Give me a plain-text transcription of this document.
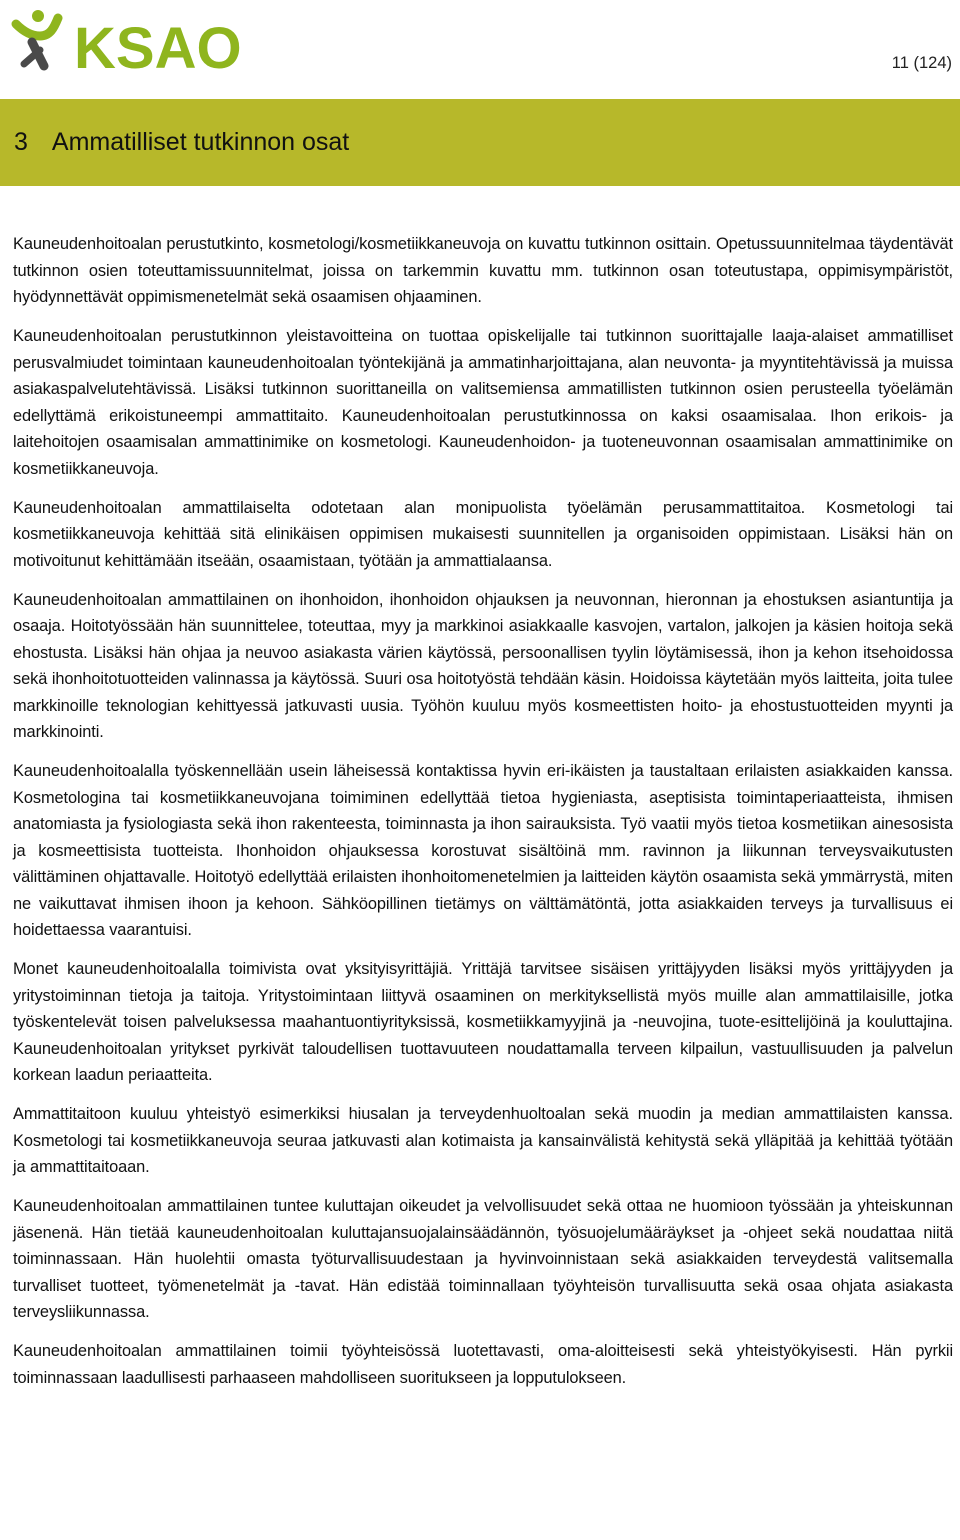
KSAO	11 (124)
3 Ammatilliset tutkinnon osat

Kauneudenhoitoalan perustutkinto, kosmetologi/kosmetiikkaneuvoja on kuvattu tutkinnon osittain. Opetussuunnitelmaa täydentävät tutkinnon osien toteuttamissuunnitelmat, joissa on tarkemmin kuvattu mm. tutkinnon osan toteutustapa, oppimisympäristöt, hyödynnettävät oppimismenetelmät sekä osaamisen ohjaaminen.

Kauneudenhoitoalan perustutkinnon yleistavoitteina on tuottaa opiskelijalle tai tutkinnon suorittajalle laaja-alaiset ammatilliset perusvalmiudet toimintaan kauneudenhoitoalan työntekijänä ja ammatinharjoittajana, alan neuvonta- ja myyntitehtävissä ja muissa asiakaspalvelutehtävissä. Lisäksi tutkinnon suorittaneilla on valitsemiensa ammatillisten tutkinnon osien perusteella työelämän edellyttämä erikoistuneempi ammattitaito. Kauneudenhoitoalan perustutkinnossa on kaksi osaamisalaa. Ihon erikois- ja laitehoitojen osaamisalan ammattinimike on kosmetologi. Kauneudenhoidon- ja tuoteneuvonnan osaamisalan ammattinimike on kosmetiikkaneuvoja.

Kauneudenhoitoalan ammattilaiselta odotetaan alan monipuolista työelämän perusammattitaitoa. Kosmetologi tai kosmetiikkaneuvoja kehittää sitä elinikäisen oppimisen mukaisesti suunnitellen ja organisoiden oppimistaan. Lisäksi hän on motivoitunut kehittämään itseään, osaamistaan, työtään ja ammattialaansa.

Kauneudenhoitoalan ammattilainen on ihonhoidon, ihonhoidon ohjauksen ja neuvonnan, hieronnan ja ehostuksen asiantuntija ja osaaja. Hoitotyössään hän suunnittelee, toteuttaa, myy ja markkinoi asiakkaalle kasvojen, vartalon, jalkojen ja käsien hoitoja sekä ehostusta. Lisäksi hän ohjaa ja neuvoo asiakasta värien käytössä, persoonallisen tyylin löytämisessä, ihon ja kehon itsehoidossa sekä ihonhoitotuotteiden valinnassa ja käytössä. Suuri osa hoitotyöstä tehdään käsin. Hoidoissa käytetään myös laitteita, joita tulee markkinoille teknologian kehittyessä jatkuvasti uusia. Työhön kuuluu myös kosmeettisten hoito- ja ehostustuotteiden myynti ja markkinointi.

Kauneudenhoitoalalla työskennellään usein läheisessä kontaktissa hyvin eri-ikäisten ja taustaltaan erilaisten asiakkaiden kanssa. Kosmetologina tai kosmetiikkaneuvojana toimiminen edellyttää tietoa hygieniasta, aseptisista toimintaperiaatteista, ihmisen anatomiasta ja fysiologiasta sekä ihon rakenteesta, toiminnasta ja ihon sairauksista. Työ vaatii myös tietoa kosmetiikan ainesosista ja kosmeettisista tuotteista. Ihonhoidon ohjauksessa korostuvat sisältöinä mm. ravinnon ja liikunnan terveysvaikutusten välittäminen ohjattavalle. Hoitotyö edellyttää erilaisten ihonhoitomenetelmien ja laitteiden käytön osaamista sekä ymmärrystä, miten ne vaikuttavat ihmisen ihoon ja kehoon. Sähköopillinen tietämys on välttämätöntä, jotta asiakkaiden terveys ja turvallisuus ei hoidettaessa vaarantuisi.

Monet kauneudenhoitoalalla toimivista ovat yksityisyrittäjiä. Yrittäjä tarvitsee sisäisen yrittäjyyden lisäksi myös yrittäjyyden ja yritystoiminnan tietoja ja taitoja. Yritystoimintaan liittyvä osaaminen on merkityksellistä myös muille alan ammattilaisille, jotka työskentelevät toisen palveluksessa maahantuontiyrityksissä, kosmetiikkamyyjinä ja -neuvojina, tuote-esittelijöinä ja kouluttajina. Kauneudenhoitoalan yritykset pyrkivät taloudellisen tuottavuuteen noudattamalla terveen kilpailun, vastuullisuuden ja palvelun korkean laadun periaatteita.

Ammattitaitoon kuuluu yhteistyö esimerkiksi hiusalan ja terveydenhuoltoalan sekä muodin ja median ammattilaisten kanssa. Kosmetologi tai kosmetiikkaneuvoja seuraa jatkuvasti alan kotimaista ja kansainvälistä kehitystä sekä ylläpitää ja kehittää työtään ja ammattitaitoaan.

Kauneudenhoitoalan ammattilainen tuntee kuluttajan oikeudet ja velvollisuudet sekä ottaa ne huomioon työssään ja yhteiskunnan jäsenenä. Hän tietää kauneudenhoitoalan kuluttajansuojalainsäädännön, työsuojelumääräykset ja -ohjeet sekä noudattaa niitä toiminnassaan. Hän huolehtii omasta työturvallisuudestaan ja hyvinvoinnistaan sekä asiakkaiden terveydestä valitsemalla turvalliset tuotteet, työmenetelmät ja -tavat. Hän edistää toiminnallaan työyhteisön turvallisuutta sekä osaa ohjata asiakasta terveysliikunnassa.

Kauneudenhoitoalan ammattilainen toimii työyhteisössä luotettavasti, oma-aloitteisesti sekä yhteistyökyisesti. Hän pyrkii toiminnassaan laadullisesti parhaaseen mahdolliseen suoritukseen ja lopputulokseen.
